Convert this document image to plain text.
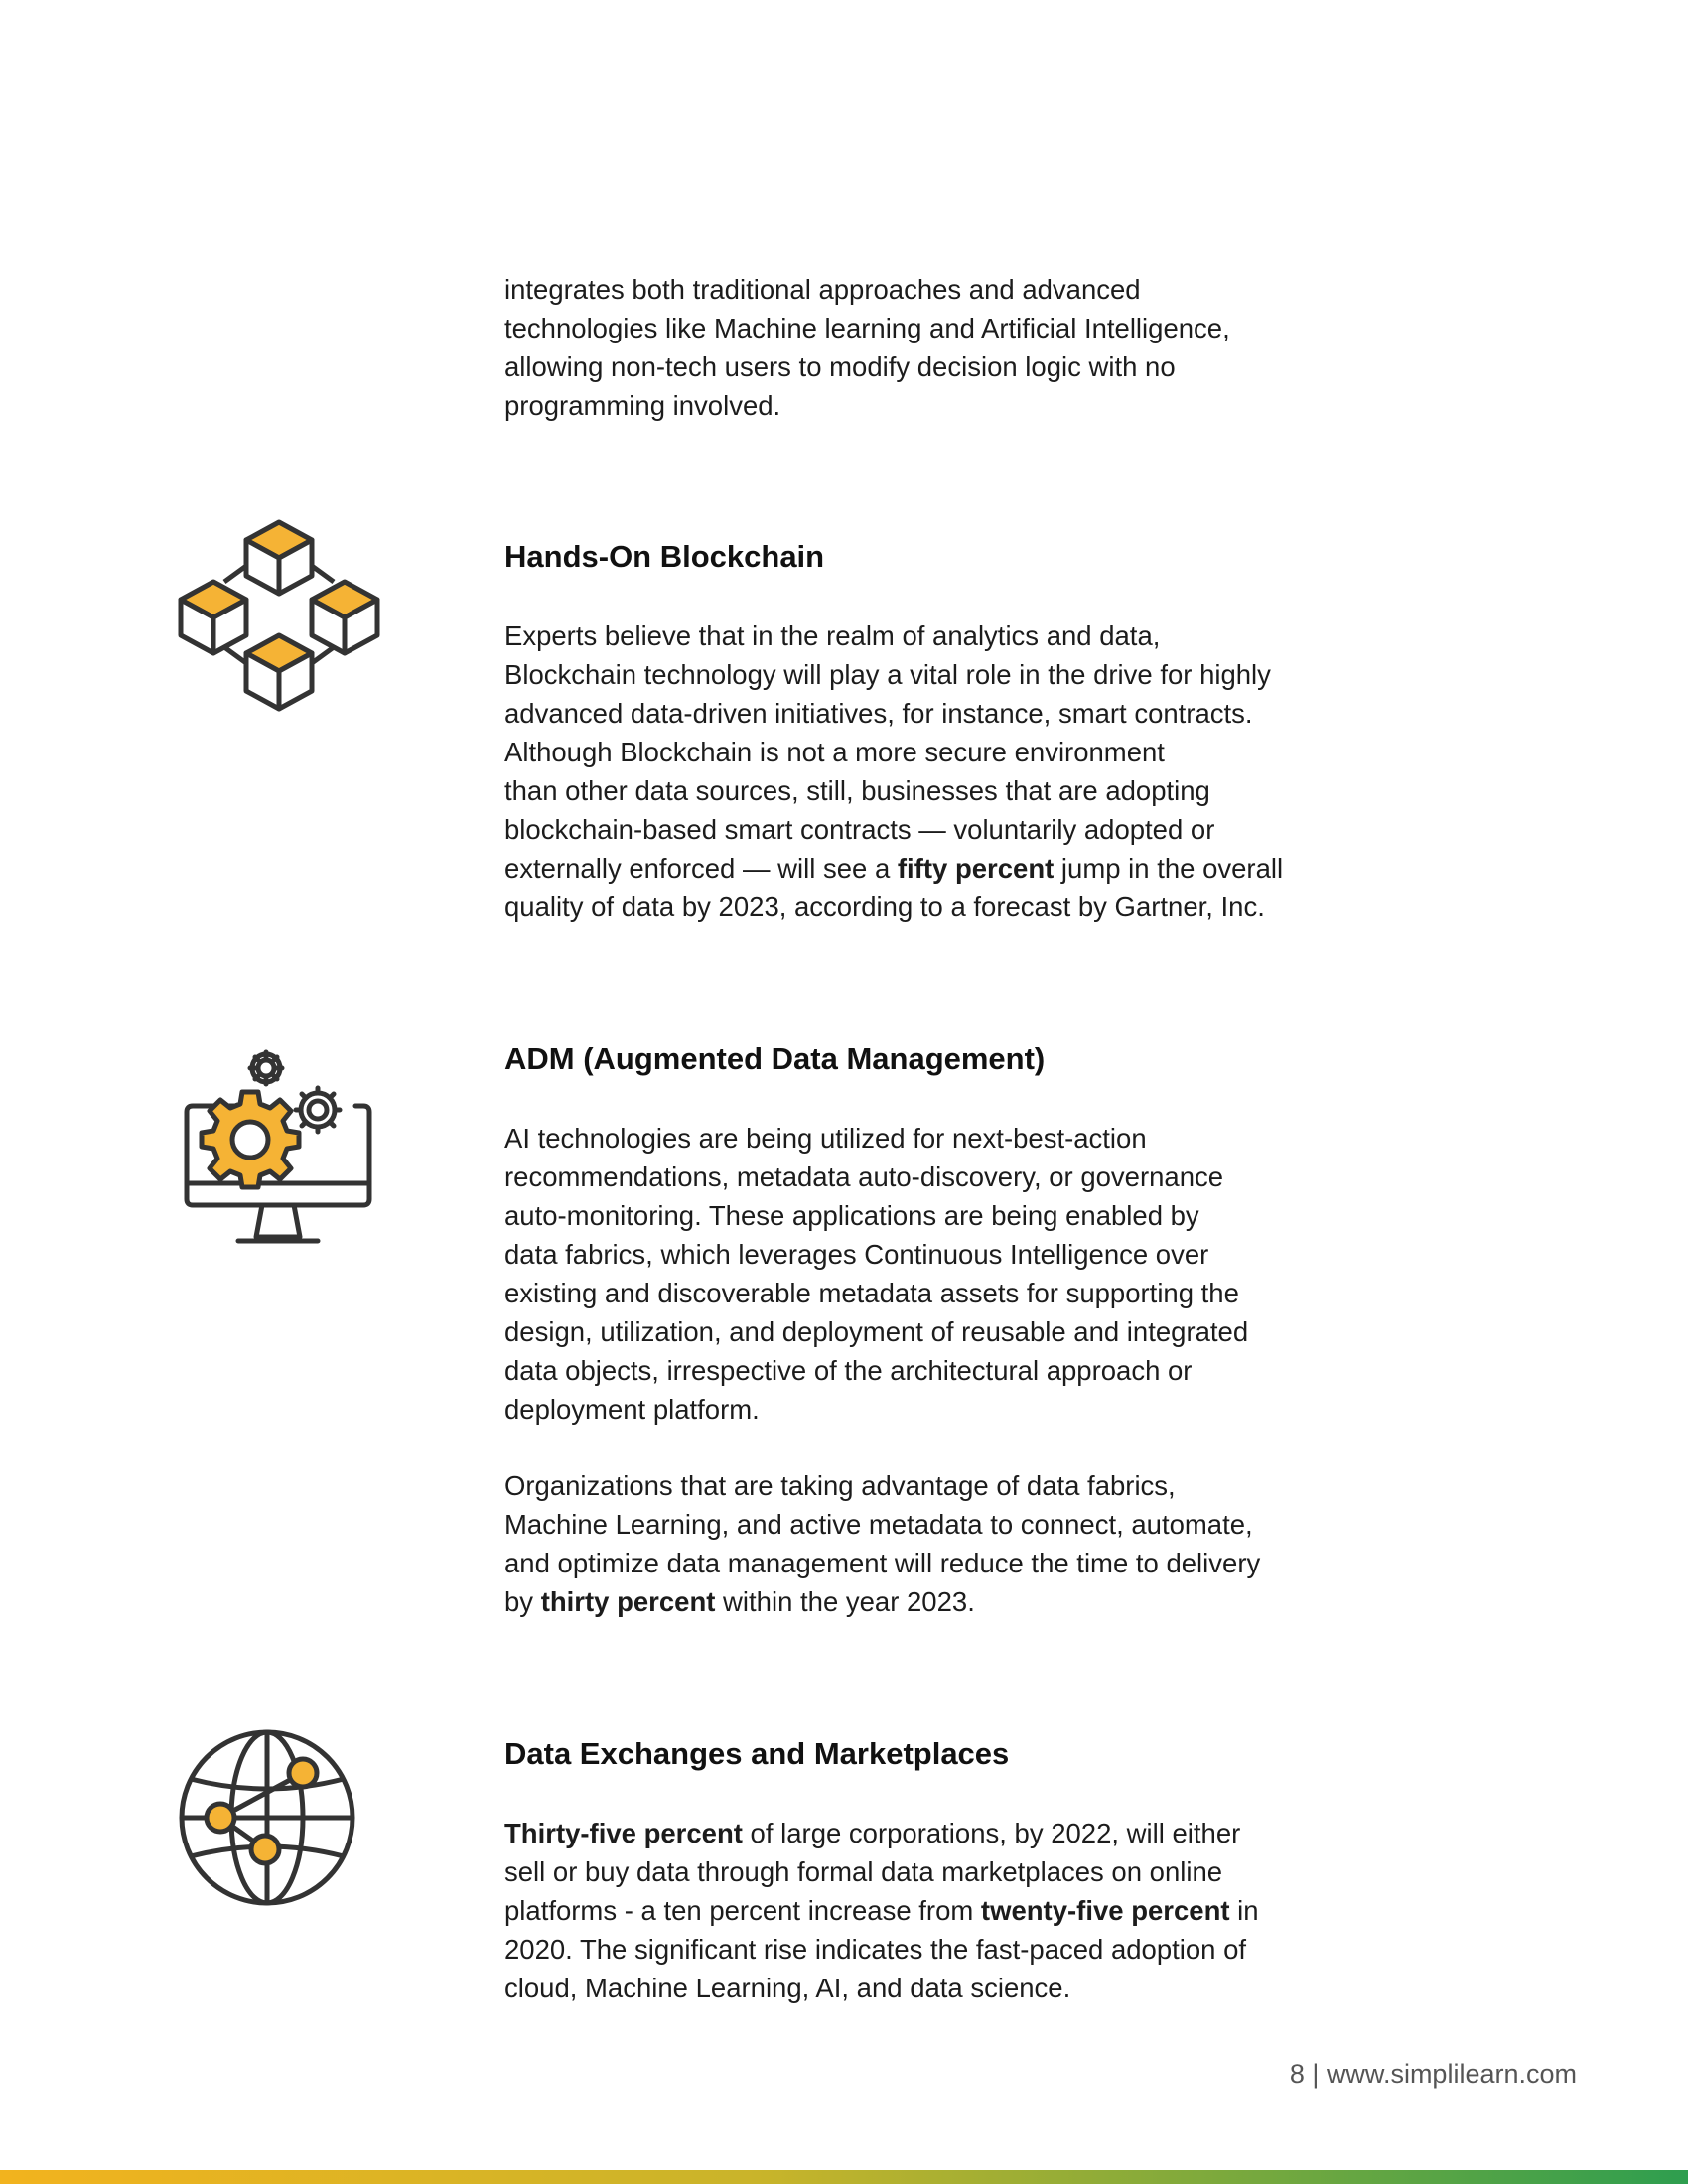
integrates both traditional approaches and advanced
technologies like Machine learning and Artificial Intelligence,
allowing non-tech users to modify decision logic with no
programming involved.

Hands-On Blockchain

Experts believe that in the realm of analytics and data,
Blockchain technology will play a vital role in the drive for highly
advanced data-driven initiatives, for instance, smart contracts.
Although Blockchain is not a more secure environment
than other data sources, still, businesses that are adopting
blockchain-based smart contracts — voluntarily adopted or
externally enforced — will see a fifty percent jump in the overall
quality of data by 2023, according to a forecast by Gartner, Inc.

ADM (Augmented Data Management)

AI technologies are being utilized for next-best-action
recommendations, metadata auto-discovery, or governance
auto-monitoring. These applications are being enabled by
data fabrics, which leverages Continuous Intelligence over
existing and discoverable metadata assets for supporting the
design, utilization, and deployment of reusable and integrated
data objects, irrespective of the architectural approach or
deployment platform.

Organizations that are taking advantage of data fabrics,
Machine Learning, and active metadata to connect, automate,
and optimize data management will reduce the time to delivery
by thirty percent within the year 2023.

Data Exchanges and Marketplaces

Thirty-five percent of large corporations, by 2022, will either
sell or buy data through formal data marketplaces on online
platforms - a ten percent increase from twenty-five percent in
2020. The significant rise indicates the fast-paced adoption of
cloud, Machine Learning, AI, and data science.

8 | www.simplilearn.com
